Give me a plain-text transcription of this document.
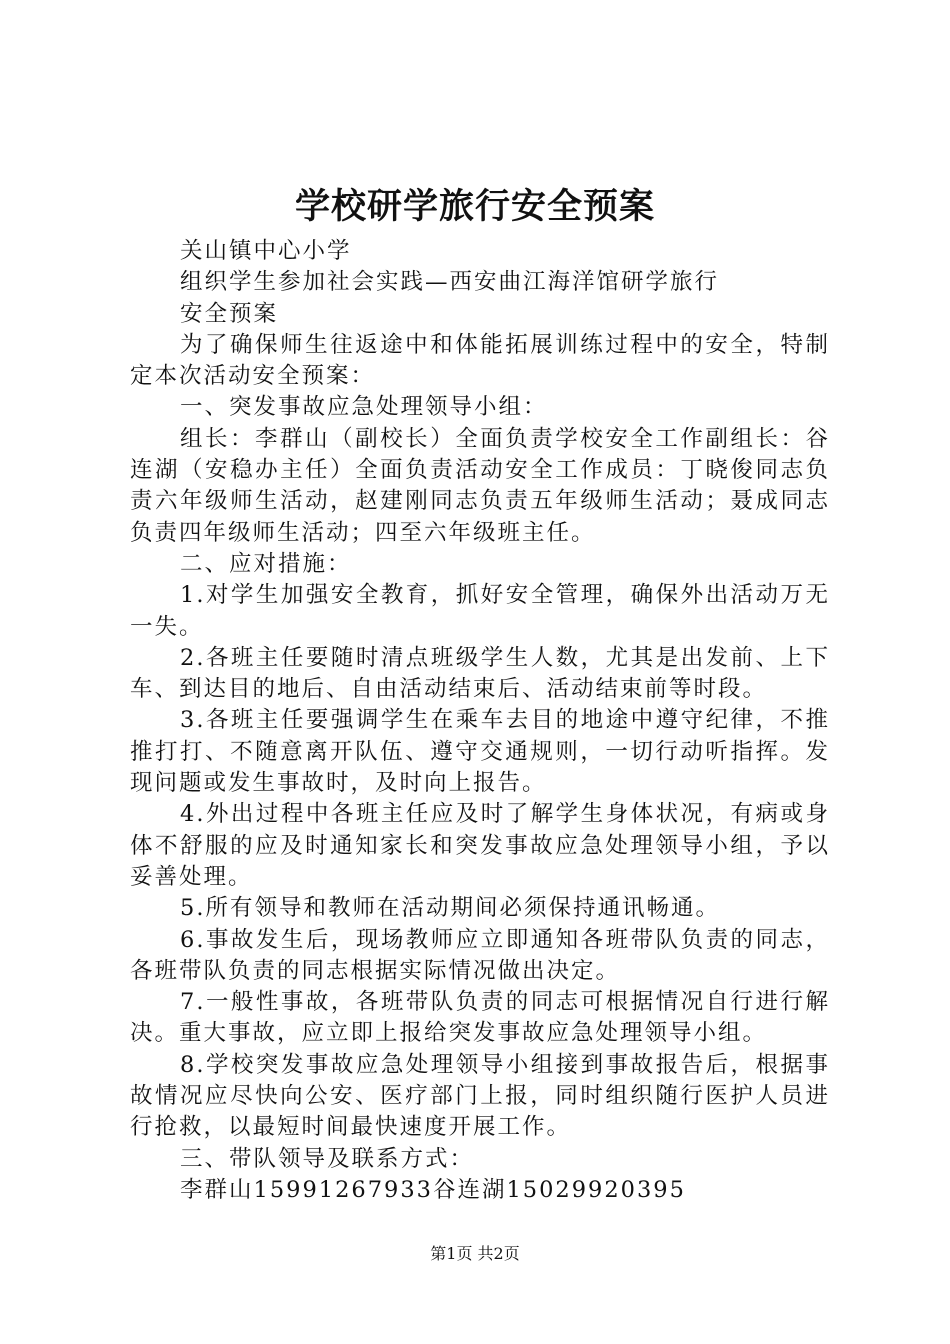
学校研学旅行安全预案

关山镇中心小学

组织学生参加社会实践—西安曲江海洋馆研学旅行

安全预案

为了确保师生往返途中和体能拓展训练过程中的安全，特制定本次活动安全预案：

一、突发事故应急处理领导小组：

组长：李群山（副校长）全面负责学校安全工作副组长：谷连湖（安稳办主任）全面负责活动安全工作成员：丁晓俊同志负责六年级师生活动，赵建刚同志负责五年级师生活动；聂成同志负责四年级师生活动；四至六年级班主任。

二、应对措施：

1.对学生加强安全教育，抓好安全管理，确保外出活动万无一失。

2.各班主任要随时清点班级学生人数，尤其是出发前、上下车、到达目的地后、自由活动结束后、活动结束前等时段。

3.各班主任要强调学生在乘车去目的地途中遵守纪律，不推推打打、不随意离开队伍、遵守交通规则，一切行动听指挥。发现问题或发生事故时，及时向上报告。

4.外出过程中各班主任应及时了解学生身体状况，有病或身体不舒服的应及时通知家长和突发事故应急处理领导小组，予以妥善处理。

5.所有领导和教师在活动期间必须保持通讯畅通。

6.事故发生后，现场教师应立即通知各班带队负责的同志，各班带队负责的同志根据实际情况做出决定。

7.一般性事故，各班带队负责的同志可根据情况自行进行解决。重大事故，应立即上报给突发事故应急处理领导小组。

8.学校突发事故应急处理领导小组接到事故报告后，根据事故情况应尽快向公安、医疗部门上报，同时组织随行医护人员进行抢救，以最短时间最快速度开展工作。

三、带队领导及联系方式：

李群山15991267933谷连湖15029920395

第1页 共2页
